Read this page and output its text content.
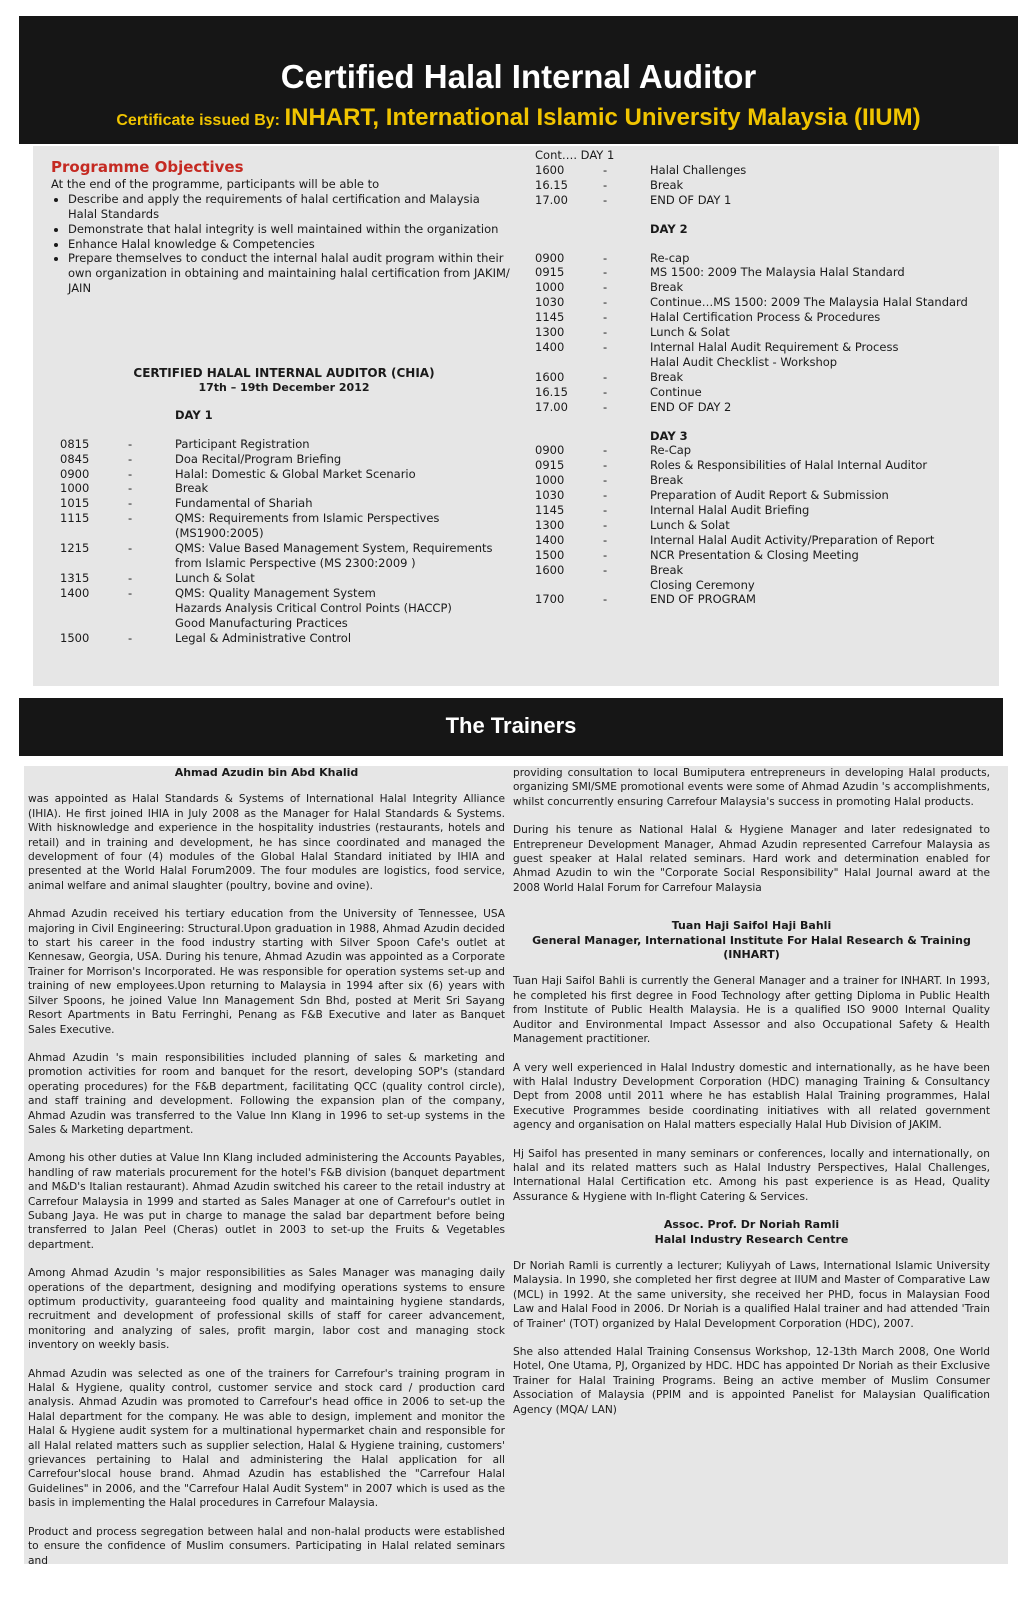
Certified Halal Internal Auditor
Certificate issued By: INHART, International Islamic University Malaysia (IIUM)
Programme Objectives
At the end of the programme, participants will be able to
• Describe and apply the requirements of halal certification and Malaysia Halal Standards
• Demonstrate that halal integrity is well maintained within the organization
• Enhance Halal knowledge & Competencies
• Prepare themselves to conduct the internal halal audit program within their own organization in obtaining and maintaining halal certification from JAKIM/ JAIN
CERTIFIED HALAL INTERNAL AUDITOR (CHIA)
17th – 19th December 2012
DAY 1
0815	-	Participant Registration
0845	-	Doa Recital/Program Briefing
0900	-	Halal: Domestic & Global Market Scenario
1000	-	Break
1015	-	Fundamental of Shariah
1115	-	QMS: Requirements from Islamic Perspectives (MS1900:2005)
1215	-	QMS: Value Based Management System, Requirements from Islamic Perspective (MS 2300:2009 )
1315	-	Lunch & Solat
1400	-	QMS: Quality Management System
Hazards Analysis Critical Control Points (HACCP)
Good Manufacturing Practices
1500	-	Legal & Administrative Control
Cont…. DAY 1
1600	-	Halal Challenges
16.15	-	Break
17.00	-	END OF DAY 1
DAY 2
0900	-	Re-cap
0915	-	MS 1500: 2009 The Malaysia Halal Standard
1000	-	Break
1030	-	Continue…MS 1500: 2009 The Malaysia Halal Standard
1145	-	Halal Certification Process & Procedures
1300	-	Lunch & Solat
1400	-	Internal Halal Audit Requirement & Process
Halal Audit Checklist - Workshop
1600	-	Break
16.15	-	Continue
17.00	-	END OF DAY 2
DAY 3
0900	-	Re-Cap
0915	-	Roles & Responsibilities of Halal Internal Auditor
1000	-	Break
1030	-	Preparation of Audit Report & Submission
1145	-	Internal Halal Audit Briefing
1300	-	Lunch & Solat
1400	-	Internal Halal Audit Activity/Preparation of Report
1500	-	NCR Presentation & Closing Meeting
1600	-	Break
Closing Ceremony
1700	-	END OF PROGRAM
The Trainers
Ahmad Azudin bin Abd Khalid

was appointed as Halal Standards & Systems of International Halal Integrity Alliance (IHIA). He first joined IHIA in July 2008 as the Manager for Halal Standards & Systems. With hisknowledge and experience in the hospitality industries (restaurants, hotels and retail) and in training and development, he has since coordinated and managed the development of four (4) modules of the Global Halal Standard initiated by IHIA and presented at the World Halal Forum2009. The four modules are logistics, food service, animal welfare and animal slaughter (poultry, bovine and ovine).

Ahmad Azudin received his tertiary education from the University of Tennessee, USA majoring in Civil Engineering: Structural.Upon graduation in 1988, Ahmad Azudin decided to start his career in the food industry starting with Silver Spoon Cafe's outlet at Kennesaw, Georgia, USA. During his tenure, Ahmad Azudin was appointed as a Corporate Trainer for Morrison's Incorporated. He was responsible for operation systems set-up and training of new employees.Upon returning to Malaysia in 1994 after six (6) years with Silver Spoons, he joined Value Inn Management Sdn Bhd, posted at Merit Sri Sayang Resort Apartments in Batu Ferringhi, Penang as F&B Executive and later as Banquet Sales Executive.

Ahmad Azudin 's main responsibilities included planning of sales & marketing and promotion activities for room and banquet for the resort, developing SOP's (standard operating procedures) for the F&B department, facilitating QCC (quality control circle), and staff training and development. Following the expansion plan of the company, Ahmad Azudin was transferred to the Value Inn Klang in 1996 to set-up systems in the Sales & Marketing department.

Among his other duties at Value Inn Klang included administering the Accounts Payables, handling of raw materials procurement for the hotel's F&B division (banquet department and M&D's Italian restaurant). Ahmad Azudin switched his career to the retail industry at Carrefour Malaysia in 1999 and started as Sales Manager at one of Carrefour's outlet in Subang Jaya. He was put in charge to manage the salad bar department before being transferred to Jalan Peel (Cheras) outlet in 2003 to set-up the Fruits & Vegetables department.

Among Ahmad Azudin 's major responsibilities as Sales Manager was managing daily operations of the department, designing and modifying operations systems to ensure optimum productivity, guaranteeing food quality and maintaining hygiene standards, recruitment and development of professional skills of staff for career advancement, monitoring and analyzing of sales, profit margin, labor cost and managing stock inventory on weekly basis.

Ahmad Azudin was selected as one of the trainers for Carrefour's training program in Halal & Hygiene, quality control, customer service and stock card / production card analysis. Ahmad Azudin was promoted to Carrefour's head office in 2006 to set-up the Halal department for the company. He was able to design, implement and monitor the Halal & Hygiene audit system for a multinational hypermarket chain and responsible for all Halal related matters such as supplier selection, Halal & Hygiene training, customers' grievances pertaining to Halal and administering the Halal application for all Carrefour'slocal house brand. Ahmad Azudin has established the "Carrefour Halal Guidelines" in 2006, and the "Carrefour Halal Audit System" in 2007 which is used as the basis in implementing the Halal procedures in Carrefour Malaysia.

Product and process segregation between halal and non-halal products were established to ensure the confidence of Muslim consumers. Participating in Halal related seminars and

providing consultation to local Bumiputera entrepreneurs in developing Halal products, organizing SMI/SME promotional events were some of Ahmad Azudin 's accomplishments, whilst concurrently ensuring Carrefour Malaysia's success in promoting Halal products.

During his tenure as National Halal & Hygiene Manager and later redesignated to Entrepreneur Development Manager, Ahmad Azudin represented Carrefour Malaysia as guest speaker at Halal related seminars. Hard work and determination enabled for Ahmad Azudin to win the "Corporate Social Responsibility" Halal Journal award at the 2008 World Halal Forum for Carrefour Malaysia

Tuan Haji Saifol Haji Bahli
General Manager, International Institute For Halal Research & Training (INHART)

Tuan Haji Saifol Bahli is currently the General Manager and a trainer for INHART. In 1993, he completed his first degree in Food Technology after getting Diploma in Public Health from Institute of Public Health Malaysia. He is a qualified ISO 9000 Internal Quality Auditor and Environmental Impact Assessor and also Occupational Safety & Health Management practitioner.

A very well experienced in Halal Industry domestic and internationally, as he have been with Halal Industry Development Corporation (HDC) managing Training & Consultancy Dept from 2008 until 2011 where he has establish Halal Training programmes, Halal Executive Programmes beside coordinating initiatives with all related government agency and organisation on Halal matters especially Halal Hub Division of JAKIM.

Hj Saifol has presented in many seminars or conferences, locally and internationally, on halal and its related matters such as Halal Industry Perspectives, Halal Challenges, International Halal Certification etc. Among his past experience is as Head, Quality Assurance & Hygiene with In-flight Catering & Services.

Assoc. Prof. Dr Noriah Ramli
Halal Industry Research Centre

Dr Noriah Ramli is currently a lecturer; Kuliyyah of Laws, International Islamic University Malaysia. In 1990, she completed her first degree at IIUM and Master of Comparative Law (MCL) in 1992. At the same university, she received her PHD, focus in Malaysian Food Law and Halal Food in 2006. Dr Noriah is a qualified Halal trainer and had attended 'Train of Trainer' (TOT) organized by Halal Development Corporation (HDC), 2007.

She also attended Halal Training Consensus Workshop, 12-13th March 2008, One World Hotel, One Utama, PJ, Organized by HDC. HDC has appointed Dr Noriah as their Exclusive Trainer for Halal Training Programs. Being an active member of Muslim Consumer Association of Malaysia (PPIM and is appointed Panelist for Malaysian Qualification Agency (MQA/ LAN)
